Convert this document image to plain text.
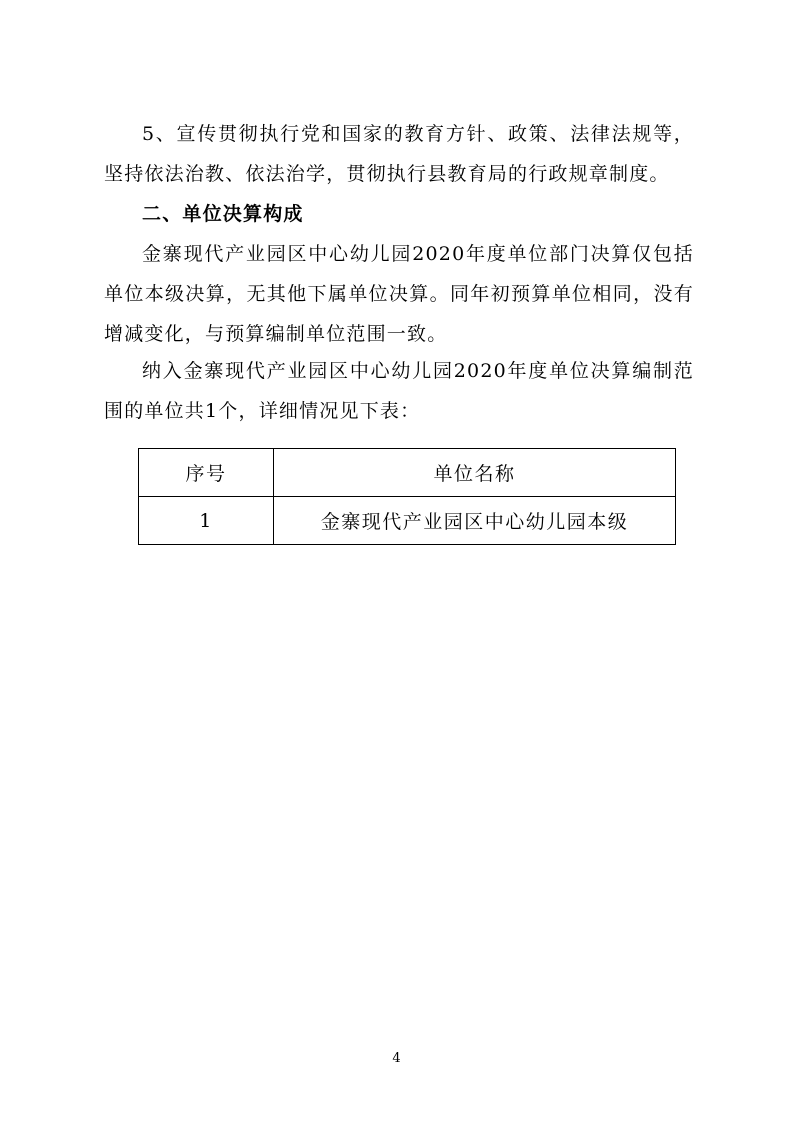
5、宣传贯彻执行党和国家的教育方针、政策、法律法规等，坚持依法治教、依法治学，贯彻执行县教育局的行政规章制度。

二、单位决算构成

金寨现代产业园区中心幼儿园2020年度单位部门决算仅包括单位本级决算，无其他下属单位决算。同年初预算单位相同，没有增减变化，与预算编制单位范围一致。

纳入金寨现代产业园区中心幼儿园2020年度单位决算编制范围的单位共1个，详细情况见下表：

序号	单位名称
1	金寨现代产业园区中心幼儿园本级
4
